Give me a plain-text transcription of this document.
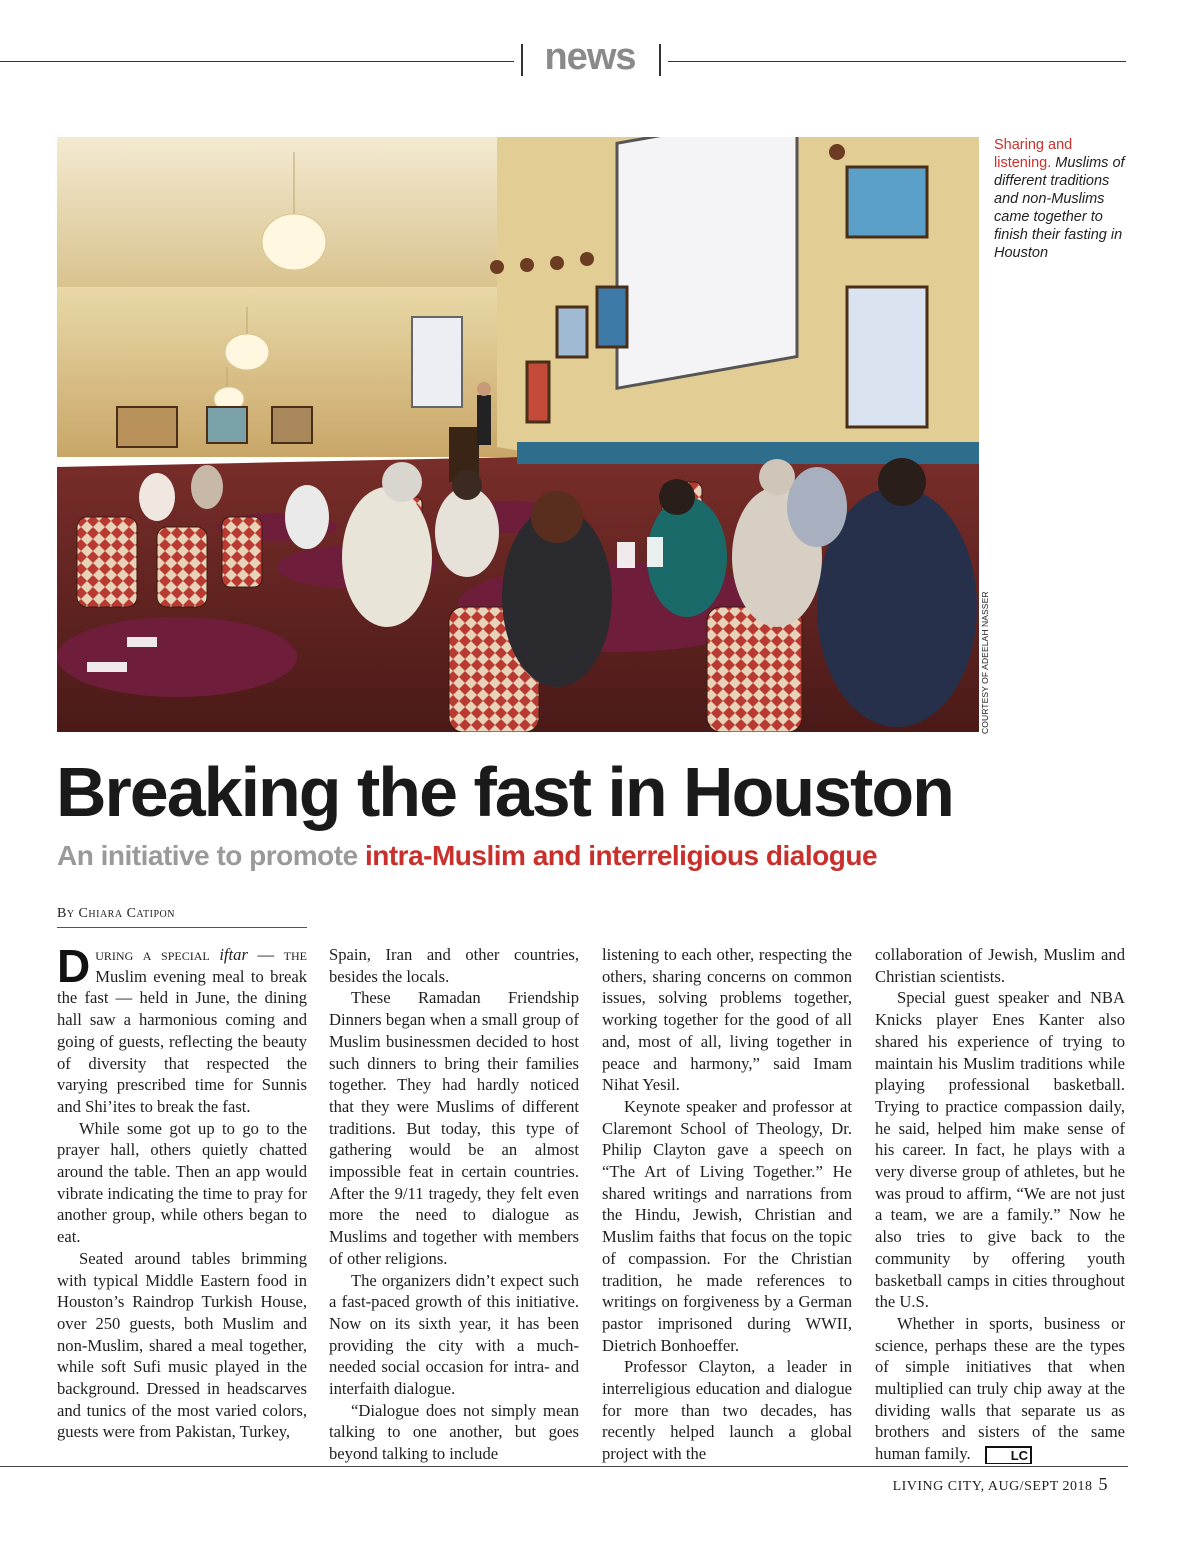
news
COURTESY OF ADEELAH NASSER
Sharing and listening. Muslims of different traditions and non-Muslims came together to finish their fasting in Houston
Breaking the fast in Houston
An initiative to promote intra-Muslim and interreligious dialogue
By Chiara Catipon

During a special iftar — the Muslim evening meal to break the fast — held in June, the dining hall saw a harmonious coming and going of guests, reflecting the beauty of diversity that respected the varying prescribed time for Sunnis and Shi’ites to break the fast.

While some got up to go to the prayer hall, others quietly chatted around the table. Then an app would vibrate indicating the time to pray for another group, while others began to eat.

Seated around tables brimming with typical Middle Eastern food in Houston’s Raindrop Turkish House, over 250 guests, both Muslim and non-Muslim, shared a meal together, while soft Sufi music played in the background. Dressed in headscarves and tunics of the most varied colors, guests were from Pakistan, Turkey,

Spain, Iran and other countries, besides the locals.

These Ramadan Friendship Dinners began when a small group of Muslim businessmen decided to host such dinners to bring their families together. They had hardly noticed that they were Muslims of different traditions. But today, this type of gathering would be an almost impossible feat in certain countries. After the 9/11 tragedy, they felt even more the need to dialogue as Muslims and together with members of other religions.

The organizers didn’t expect such a fast-paced growth of this initiative. Now on its sixth year, it has been providing the city with a much-needed social occasion for intra- and interfaith dialogue.

“Dialogue does not simply mean talking to one another, but goes beyond talking to include

listening to each other, respecting the others, sharing concerns on common issues, solving problems together, working together for the good of all and, most of all, living together in peace and harmony,” said Imam Nihat Yesil.

Keynote speaker and professor at Claremont School of Theology, Dr. Philip Clayton gave a speech on “The Art of Living Together.” He shared writings and narrations from the Hindu, Jewish, Christian and Muslim faiths that focus on the topic of compassion. For the Christian tradition, he made references to writings on forgiveness by a German pastor imprisoned during WWII, Dietrich Bonhoeffer.

Professor Clayton, a leader in interreligious education and dialogue for more than two decades, has recently helped launch a global project with the

collaboration of Jewish, Muslim and Christian scientists.

Special guest speaker and NBA Knicks player Enes Kanter also shared his experience of trying to maintain his Muslim traditions while playing professional basketball. Trying to practice compassion daily, he said, helped him make sense of his career. In fact, he plays with a very diverse group of athletes, but he was proud to affirm, “We are not just a team, we are a family.” Now he also tries to give back to the community by offering youth basketball camps in cities throughout the U.S.

Whether in sports, business or science, perhaps these are the types of simple initiatives that when multiplied can truly chip away at the dividing walls that separate us as brothers and sisters of the same human family.	LC

LIVING CITY, AUG/SEPT 2018 5
